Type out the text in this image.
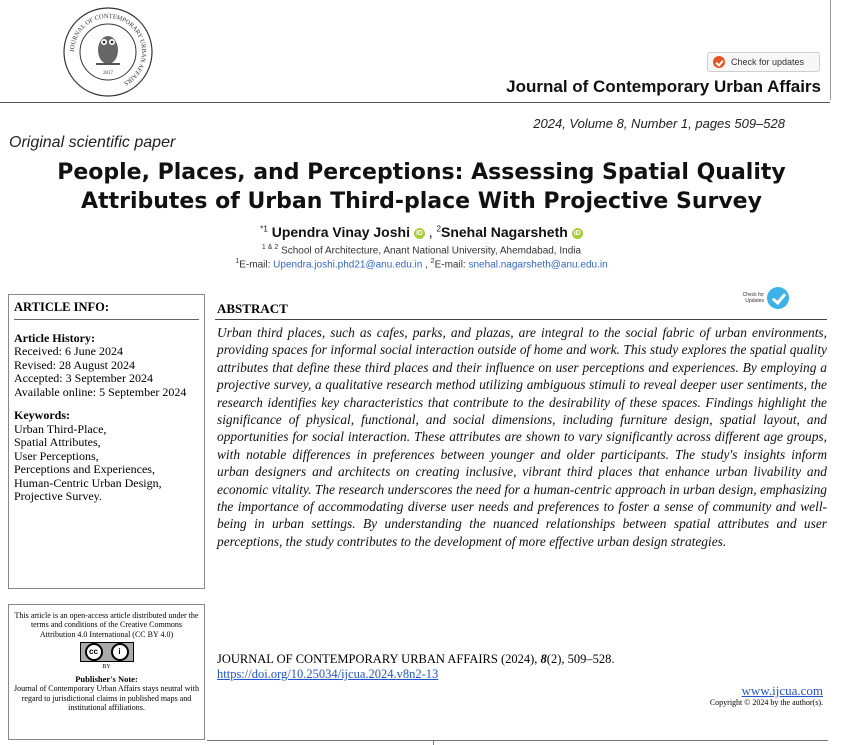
JOURNAL OF CONTEMPORARY URBAN AFFAIRS
2017
Check for updates
Journal of Contemporary Urban Affairs
2024, Volume 8, Number 1, pages 509–528
Original scientific paper
People, Places, and Perceptions: Assessing Spatial Quality
Attributes of Urban Third-place With Projective Survey
$^{*1}$ Upendra Vinay Joshi iD , $^2$Snehal Nagarsheth iD
$^{1 \& 2}$ School of Architecture, Anant National University, Ahemdabad, India
$^1$E-mail: Upendra.joshi.phd21@anu.edu.in , $^2$E-mail: snehal.nagarsheth@anu.edu.in
ARTICLE INFO:
Article History:

Received: 6 June 2024

Revised: 28 August 2024

Accepted: 3 September 2024

Available online: 5 September 2024

Keywords:

Urban Third-Place,

Spatial Attributes,

User Perceptions,

Perceptions and Experiences,

Human-Centric Urban Design,

Projective Survey.

This article is an open-access article distributed under the terms and conditions of the Creative Commons Attribution 4.0 International (CC BY 4.0)
cc	i
BY
Publisher's Note:
Journal of Contemporary Urban Affairs stays neutral with regard to jurisdictional claims in published maps and institutional affiliations.
ABSTRACT
Check for Updates
Urban third places, such as cafes, parks, and plazas, are integral to the social fabric of urban environments, providing spaces for informal social interaction outside of home and work. This study explores the spatial quality attributes that define these third places and their influence on user perceptions and experiences. By employing a projective survey, a qualitative research method utilizing ambiguous stimuli to reveal deeper user sentiments, the research identifies key characteristics that contribute to the desirability of these spaces. Findings highlight the significance of physical, functional, and social dimensions, including furniture design, spatial layout, and opportunities for social interaction. These attributes are shown to vary significantly across different age groups, with notable differences in preferences between younger and older participants. The study's insights inform urban designers and architects on creating inclusive, vibrant third places that enhance urban livability and economic vitality. The research underscores the need for a human-centric approach in urban design, emphasizing the importance of accommodating diverse user needs and preferences to foster a sense of community and well-being in urban settings. By understanding the nuanced relationships between spatial attributes and user perceptions, the study contributes to the development of more effective urban design strategies.
JOURNAL OF CONTEMPORARY URBAN AFFAIRS (2024), 8(2), 509–528.
https://doi.org/10.25034/ijcua.2024.v8n2-13
www.ijcua.com
Copyright © 2024 by the author(s).
